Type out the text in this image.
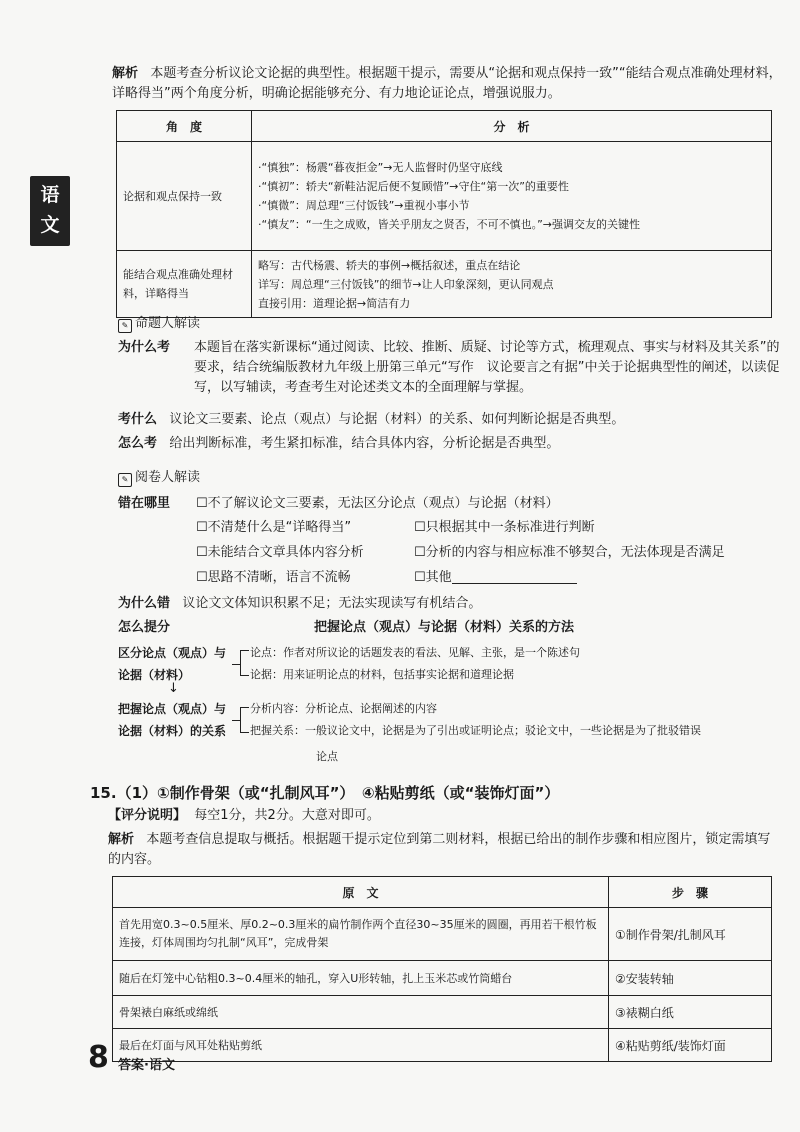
语
文
解析 本题考查分析议论文论据的典型性。根据题干提示，需要从“论据和观点保持一致”“能结合观点准确处理材料，详略得当”两个角度分析，明确论据能够充分、有力地论证论点，增强说服力。
角　度	分　析
论据和观点保持一致	·“慎独”：杨震“暮夜拒金”→无人监督时仍坚守底线
·“慎初”：轿夫“新鞋沾泥后便不复顾惜”→守住“第一次”的重要性
·“慎微”：周总理“三付饭钱”→重视小事小节
·“慎友”：“一生之成败，皆关乎朋友之贤否，不可不慎也。”→强调交友的关键性

能结合观点准确处理材料，详略得当	略写：古代杨震、轿夫的事例→概括叙述，重点在结论
详写：周总理“三付饭钱”的细节→让人印象深刻，更认同观点
直接引用：道理论据→简洁有力
✎ 命题人解读
为什么考	本题旨在落实新课标“通过阅读、比较、推断、质疑、讨论等方式，梳理观点、事实与材料及其关系”的要求，结合统编版教材九年级上册第三单元“写作　议论要言之有据”中关于论据典型性的阐述，以读促写，以写辅读，考查考生对论述类文本的全面理解与掌握。
考什么 议论文三要素、论点（观点）与论据（材料）的关系、如何判断论据是否典型。
怎么考 给出判断标准，考生紧扣标准，结合具体内容，分析论据是否典型。
✎ 阅卷人解读
错在哪里 ☐不了解议论文三要素，无法区分论点（观点）与论据（材料）
☐不清楚什么是“详略得当”	☐只根据其中一条标准进行判断
☐未能结合文章具体内容分析	☐分析的内容与相应标准不够契合，无法体现是否满足
☐思路不清晰，语言不流畅	☐其他
为什么错 议论文文体知识积累不足；无法实现读写有机结合。
怎么提分	把握论点（观点）与论据（材料）关系的方法
区分论点（观点）与
论据（材料）
论点：作者对所议论的话题发表的看法、见解、主张，是一个陈述句
论据：用来证明论点的材料，包括事实论据和道理论据
↓
把握论点（观点）与
论据（材料）的关系
分析内容：分析论点、论据阐述的内容
把握关系：一般议论文中，论据是为了引出或证明论点；驳论文中，一些论据是为了批驳错误
论点
15.（1）①制作骨架（或“扎制风耳”）　④粘贴剪纸（或“装饰灯面”）
【评分说明】 每空1分，共2分。大意对即可。
解析 本题考查信息提取与概括。根据题干提示定位到第二则材料，根据已给出的制作步骤和相应图片，锁定需填写的内容。
原　文	步　骤
首先用宽0.3~0.5厘米、厚0.2~0.3厘米的扁竹制作两个直径30~35厘米的圆圈，再用若干根竹板连接，灯体周围均匀扎制“风耳”，完成骨架	①制作骨架/扎制风耳
随后在灯笼中心钻粗0.3~0.4厘米的轴孔，穿入U形转轴，扎上玉米芯或竹筒蜡台	②安装转轴
骨架裱白麻纸或绵纸	③裱糊白纸
最后在灯面与风耳处粘贴剪纸	④粘贴剪纸/装饰灯面
8 答案·语文
